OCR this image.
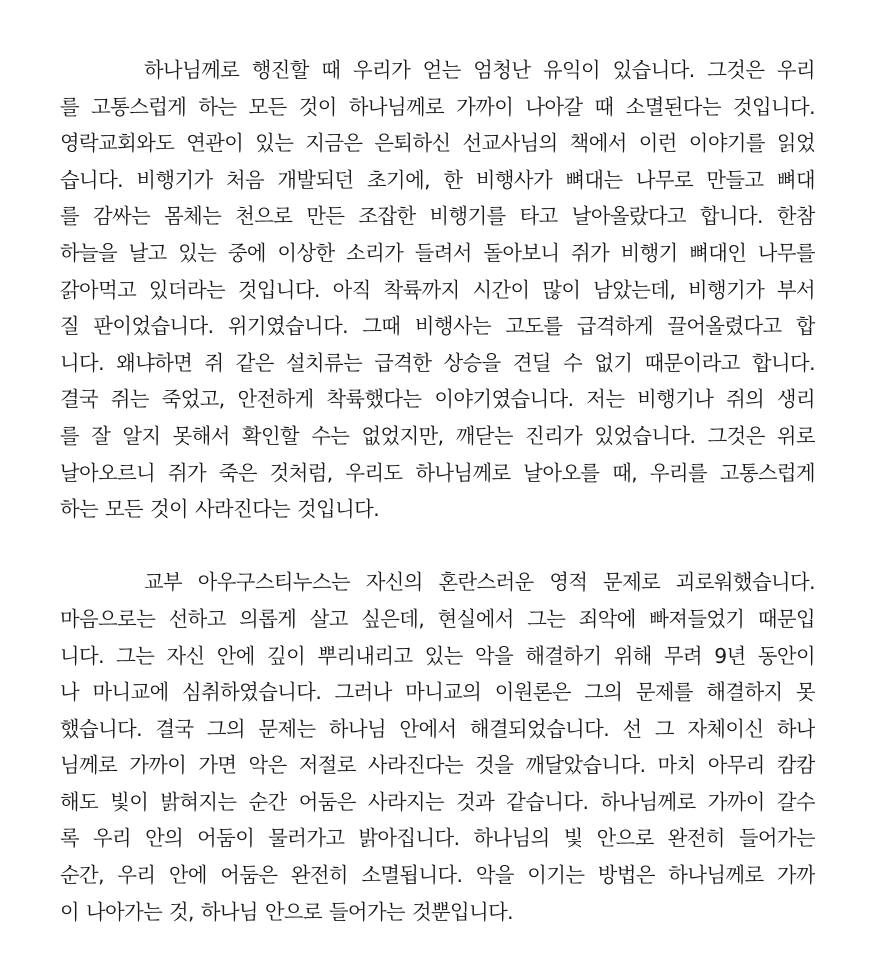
하나님께로 행진할 때 우리가 얻는 엄청난 유익이 있습니다. 그것은 우리
를 고통스럽게 하는 모든 것이 하나님께로 가까이 나아갈 때 소멸된다는 것입니다.
영락교회와도 연관이 있는 지금은 은퇴하신 선교사님의 책에서 이런 이야기를 읽었
습니다. 비행기가 처음 개발되던 초기에, 한 비행사가 뼈대는 나무로 만들고 뼈대
를 감싸는 몸체는 천으로 만든 조잡한 비행기를 타고 날아올랐다고 합니다. 한참
하늘을 날고 있는 중에 이상한 소리가 들려서 돌아보니 쥐가 비행기 뼈대인 나무를
갉아먹고 있더라는 것입니다. 아직 착륙까지 시간이 많이 남았는데, 비행기가 부서
질 판이었습니다. 위기였습니다. 그때 비행사는 고도를 급격하게 끌어올렸다고 합
니다. 왜냐하면 쥐 같은 설치류는 급격한 상승을 견딜 수 없기 때문이라고 합니다.
결국 쥐는 죽었고, 안전하게 착륙했다는 이야기였습니다. 저는 비행기나 쥐의 생리
를 잘 알지 못해서 확인할 수는 없었지만, 깨닫는 진리가 있었습니다. 그것은 위로
날아오르니 쥐가 죽은 것처럼, 우리도 하나님께로 날아오를 때, 우리를 고통스럽게
하는 모든 것이 사라진다는 것입니다.
교부 아우구스티누스는 자신의 혼란스러운 영적 문제로 괴로워했습니다.
마음으로는 선하고 의롭게 살고 싶은데, 현실에서 그는 죄악에 빠져들었기 때문입
니다. 그는 자신 안에 깊이 뿌리내리고 있는 악을 해결하기 위해 무려 9년 동안이
나 마니교에 심취하였습니다. 그러나 마니교의 이원론은 그의 문제를 해결하지 못
했습니다. 결국 그의 문제는 하나님 안에서 해결되었습니다. 선 그 자체이신 하나
님께로 가까이 가면 악은 저절로 사라진다는 것을 깨달았습니다. 마치 아무리 캄캄
해도 빛이 밝혀지는 순간 어둠은 사라지는 것과 같습니다. 하나님께로 가까이 갈수
록 우리 안의 어둠이 물러가고 밝아집니다. 하나님의 빛 안으로 완전히 들어가는
순간, 우리 안에 어둠은 완전히 소멸됩니다. 악을 이기는 방법은 하나님께로 가까
이 나아가는 것, 하나님 안으로 들어가는 것뿐입니다.
